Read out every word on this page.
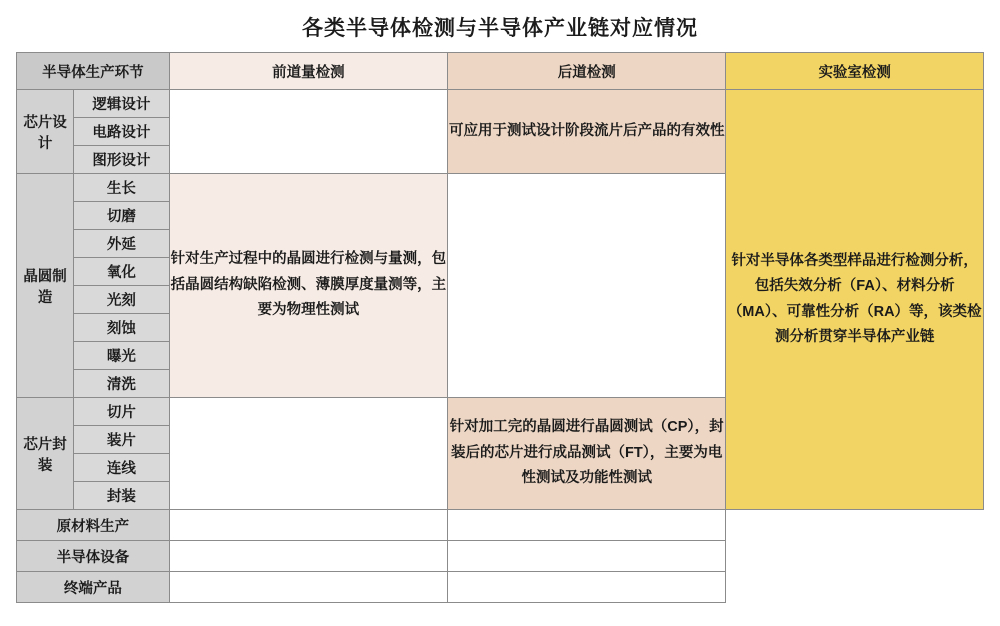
各类半导体检测与半导体产业链对应情况
半导体生产环节		前道量检测	后道检测	实验室检测
芯片设计	逻辑设计		可应用于测试设计阶段流片后产品的有效性	针对半导体各类型样品进行检测分析，包括失效分析（FA）、材料分析（MA）、可靠性分析（RA）等，该类检测分析贯穿半导体产业链
	电路设计			
	图形设计			
晶圆制造	生长	针对生产过程中的晶圆进行检测与量测，包括晶圆结构缺陷检测、薄膜厚度量测等，主要为物理性测试		
	切磨			
	外延			
	氧化			
	光刻			
	刻蚀			
	曝光			
	清洗			
芯片封装	切片		针对加工完的晶圆进行晶圆测试（CP），封装后的芯片进行成品测试（FT），主要为电性测试及功能性测试	
	装片			
	连线			
	封装			
原材料生产				
半导体设备				
终端产品				
